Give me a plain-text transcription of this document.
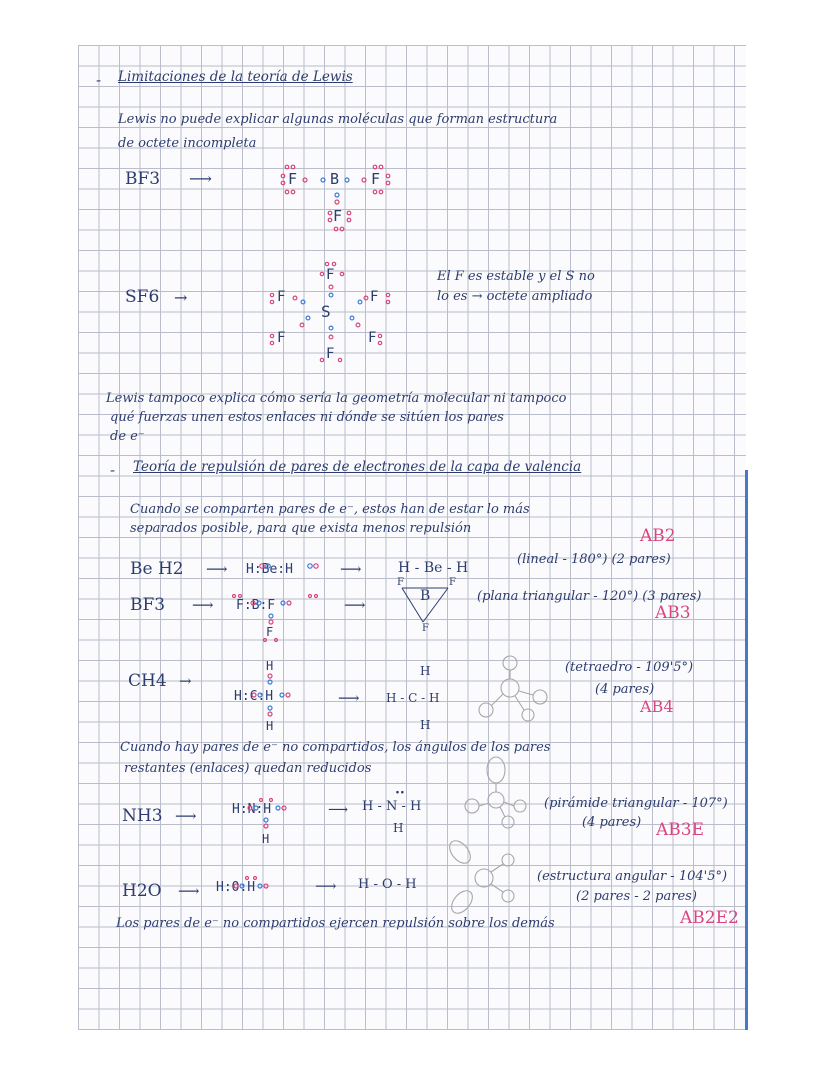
- Limitaciones de la teoría de Lewis
Lewis no puede explicar algunas moléculas que forman estructura
de octete incompleta
BF3 ⟶	F B F
F
SF6 →
S
F
F	F
F
F	F
El F es estable y el S no
lo es → octete ampliado
Lewis tampoco explica cómo sería la geometría molecular ni tampoco
qué fuerzas unen estos enlaces ni dónde se sitúen los pares
de e⁻
- Teoría de repulsión de pares de electrones de la capa de valencia
Cuando se comparten pares de e⁻, estos han de estar lo más
separados posible, para que exista menos repulsión	AB2
Be H2 ⟶ H:Be:H	⟶	H - Be - H
(lineal - 180°) (2 pares)
BF3 ⟶ F:B:F
F
⟶	B
F	F
F
(plana triangular - 120°) (3 pares)
AB3
CH4 →
H:C:H
H
H
⟶
H
H - C - H
H
(tetraedro - 109'5°)
(4 pares)
AB4
Cuando hay pares de e⁻ no compartidos, los ángulos de los pares
restantes (enlaces) quedan reducidos
NH3 ⟶	H:N:H
H
⟶
··
H - N - H
H
(pirámide triangular - 107°)
(4 pares) AB3E
H2O ⟶ H:O:H	⟶ H - O - H
(estructura angular - 104'5°)
(2 pares - 2 pares)
Los pares de e⁻ no compartidos ejercen repulsión sobre los demás	AB2E2
